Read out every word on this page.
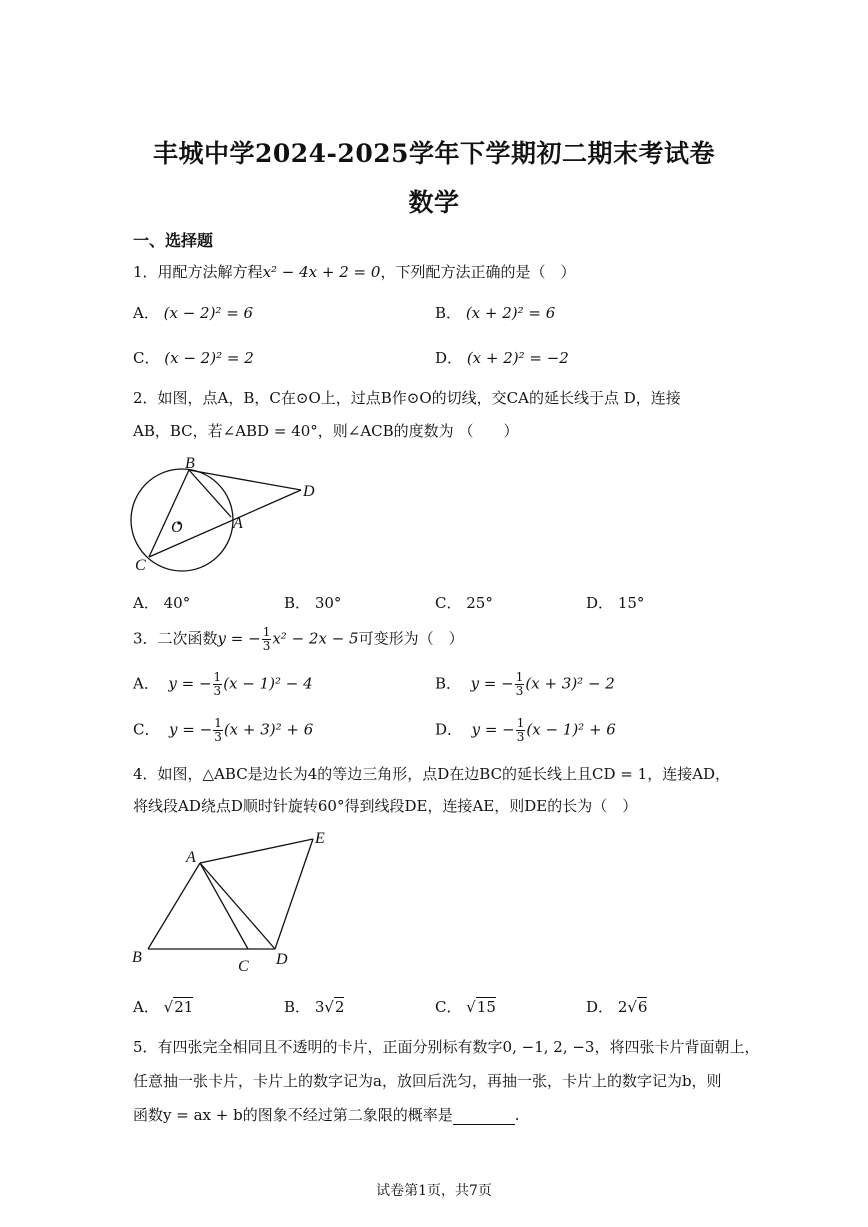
丰城中学2024-2025学年下学期初二期末考试卷
数学
一、选择题
1．用配方法解方程x² − 4x + 2 = 0，下列配方法正确的是（　）
A． (x − 2)² = 6	B． (x + 2)² = 6
C． (x − 2)² = 2	D． (x + 2)² = −2
2．如图，点A，B，C在⊙O上，过点B作⊙O的切线，交CA的延长线于点 D，连接
AB，BC，若∠ABD = 40°，则∠ACB的度数为 （　　）
B
D
O	A
C
A． 40°	B． 30°	C． 25°	D． 15°
3．二次函数y = − $\frac{1}{3} x^2 - 2x - 5$可变形为（　）
A． y = − $\frac{1}{3} (x - 1)^2 - 4$	B． y = − $\frac{1}{3} (x + 3)^2 - 2$
C． y = − $\frac{1}{3} (x + 3)^2 + 6$	D． y = − $\frac{1}{3} (x - 1)^2 + 6$
4．如图，△ABC是边长为4的等边三角形，点D在边BC的延长线上且CD = 1，连接AD，
将线段AD绕点D顺时针旋转60°得到线段DE，连接AE，则DE的长为（　）
A
E
B
C D
A． √21	B． 3√2	C． √15	D． 2√6
5．有四张完全相同且不透明的卡片，正面分别标有数字0, −1, 2, −3，将四张卡片背面朝上，
任意抽一张卡片，卡片上的数字记为a，放回后洗匀，再抽一张，卡片上的数字记为b，则
函数y = ax + b的图象不经过第二象限的概率是	.
试卷第1页，共7页
